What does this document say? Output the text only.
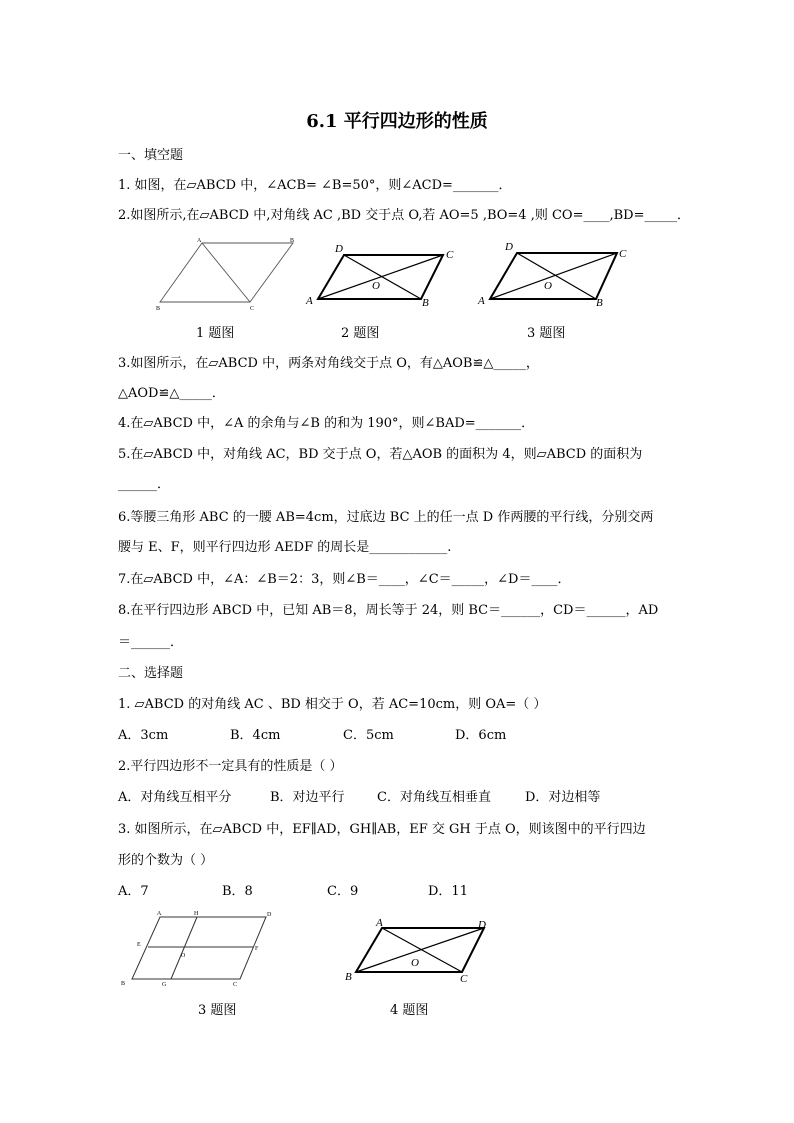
6.1 平行四边形的性质
一、填空题
1. 如图，在▱ABCD 中，∠ACB= ∠B=50°，则∠ACD=_______．
2.如图所示,在▱ABCD 中,对角线 AC ,BD 交于点 O,若 AO=5 ,BO=4 ,则 CO=____,BD=_____．
A	B
B	C
D	C
O
A	B
D
C
O
A	B
1 题图	2 题图	3 题图
3.如图所示，在▱ABCD 中，两条对角线交于点 O，有△AOB≌△_____，
△AOD≌△_____．
4.在▱ABCD 中，∠A 的余角与∠B 的和为 190°，则∠BAD=_______．
5.在▱ABCD 中，对角线 AC，BD 交于点 O，若△AOB 的面积为 4，则▱ABCD 的面积为
______．
6.等腰三角形 ABC 的一腰 AB=4cm，过底边 BC 上的任一点 D 作两腰的平行线，分别交两
腰与 E、F，则平行四边形 AEDF 的周长是____________.
7.在▱ABCD 中，∠A：∠B＝2：3，则∠B＝____，∠C＝_____，∠D＝____．
8.在平行四边形 ABCD 中，已知 AB＝8，周长等于 24，则 BC＝______，CD＝______，AD
＝______．
二、选择题
1. ▱ABCD 的对角线 AC 、BD 相交于 O，若 AC=10cm，则 OA=（ ）
A．3cm	B．4cm	C．5cm	D．6cm
2.平行四边形不一定具有的性质是（ ）
A．对角线互相平分	B．对边平行 C．对角线互相垂直	D．对边相等
3. 如图所示，在▱ABCD 中，EF∥AD，GH∥AB，EF 交 GH 于点 O，则该图中的平行四边
形的个数为（ ）
A．7	B．8	C．9	D．11
A	H	D
E
F
O
B	G	C
A	D
O
B	C
3 题图	4 题图
